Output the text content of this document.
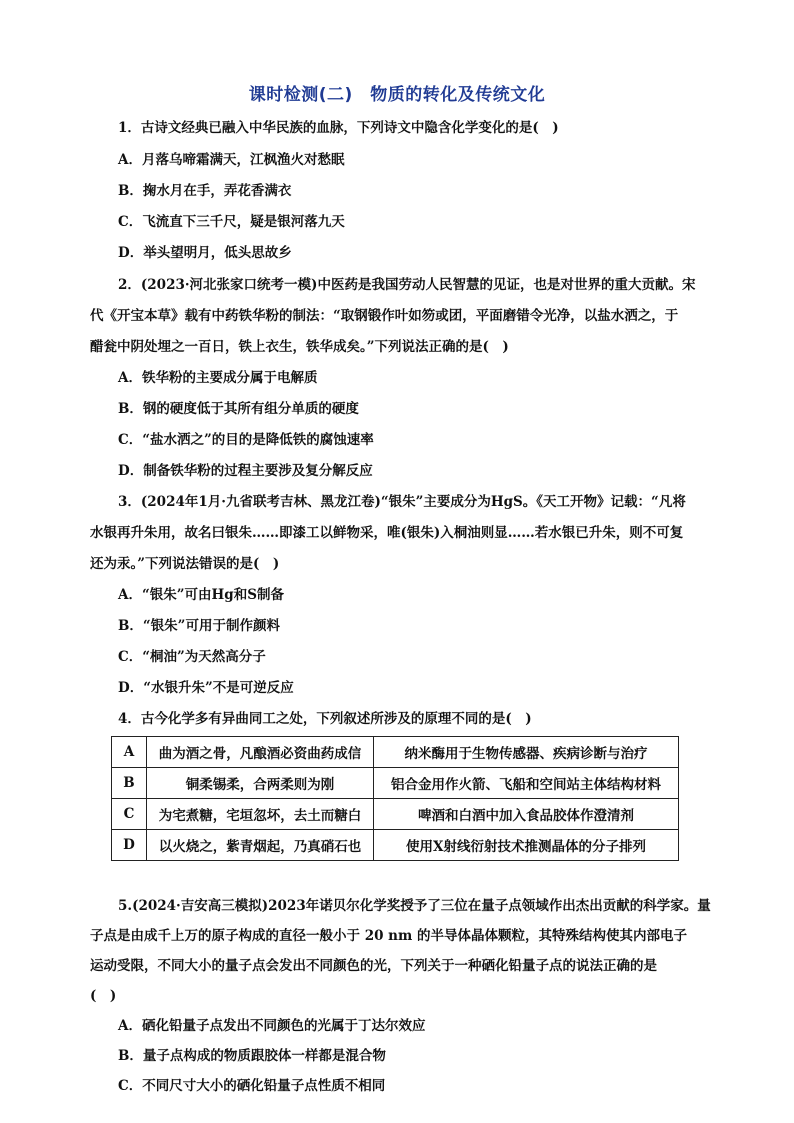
课时检测(二)　物质的转化及传统文化
1．古诗文经典已融入中华民族的血脉，下列诗文中隐含化学变化的是(　)
A．月落乌啼霜满天，江枫渔火对愁眠
B．掬水月在手，弄花香满衣
C．飞流直下三千尺，疑是银河落九天
D．举头望明月，低头思故乡
2．(2023·河北张家口统考一模)中医药是我国劳动人民智慧的见证，也是对世界的重大贡献。宋
代《开宝本草》载有中药铁华粉的制法：“取钢锻作叶如笏或团，平面磨错令光净，以盐水洒之，于
醋瓮中阴处埋之一百日，铁上衣生，铁华成矣。”下列说法正确的是(　)
A．铁华粉的主要成分属于电解质
B．钢的硬度低于其所有组分单质的硬度
C．“盐水洒之”的目的是降低铁的腐蚀速率
D．制备铁华粉的过程主要涉及复分解反应
3．(2024年1月·九省联考吉林、黑龙江卷)“银朱”主要成分为HgS。《天工开物》记载：“凡将
水银再升朱用，故名曰银朱……即漆工以鲜物采，唯(银朱)入桐油则显……若水银已升朱，则不可复
还为汞。”下列说法错误的是(　)
A．“银朱”可由Hg和S制备
B．“银朱”可用于制作颜料
C．“桐油”为天然高分子
D．“水银升朱”不是可逆反应
4．古今化学多有异曲同工之处，下列叙述所涉及的原理不同的是(　)
A	曲为酒之骨，凡酿酒必资曲药成信	纳米酶用于生物传感器、疾病诊断与治疗
B	铜柔锡柔，合两柔则为刚	铝合金用作火箭、飞船和空间站主体结构材料
C	为宅煮糖，宅垣忽坏，去土而糖白	啤酒和白酒中加入食品胶体作澄清剂
D	以火烧之，紫青烟起，乃真硝石也	使用X射线衍射技术推测晶体的分子排列
5.(2024·吉安高三模拟)2023年诺贝尔化学奖授予了三位在量子点领域作出杰出贡献的科学家。量
子点是由成千上万的原子构成的直径一般小于 20 nm 的半导体晶体颗粒，其特殊结构使其内部电子
运动受限，不同大小的量子点会发出不同颜色的光，下列关于一种硒化铅量子点的说法正确的是
(　)
A．硒化铅量子点发出不同颜色的光属于丁达尔效应
B．量子点构成的物质跟胶体一样都是混合物
C．不同尺寸大小的硒化铅量子点性质不相同
